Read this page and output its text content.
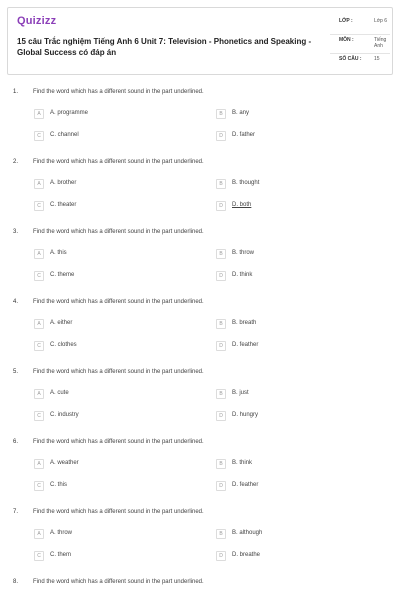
Quizizz
15 câu Trắc nghiệm Tiếng Anh 6 Unit 7: Television - Phonetics and Speaking - Global Success có đáp án
LỚP :	Lớp 6
MÔN :	Tiếng Anh
SỐ CÂU :	15
1. Find the word which has a different sound in the part underlined.
A	A. programme	B	B. any
C	C. channel	D	D. father
2. Find the word which has a different sound in the part underlined.
A	A. brother	B	B. thought
C	C. theater	D	D. both
3. Find the word which has a different sound in the part underlined.
A	A. this	B	B. throw
C	C. theme	D	D. think
4. Find the word which has a different sound in the part underlined.
A	A. either	B	B. breath
C	C. clothes	D	D. feather
5. Find the word which has a different sound in the part underlined.
A	A. cute	B	B. just
C	C. industry	D	D. hungry
6. Find the word which has a different sound in the part underlined.
A	A. weather	B	B. think
C	C. this	D	D. feather
7. Find the word which has a different sound in the part underlined.
A	A. throw	B	B. although
C	C. them	D	D. breathe
8. Find the word which has a different sound in the part underlined.
